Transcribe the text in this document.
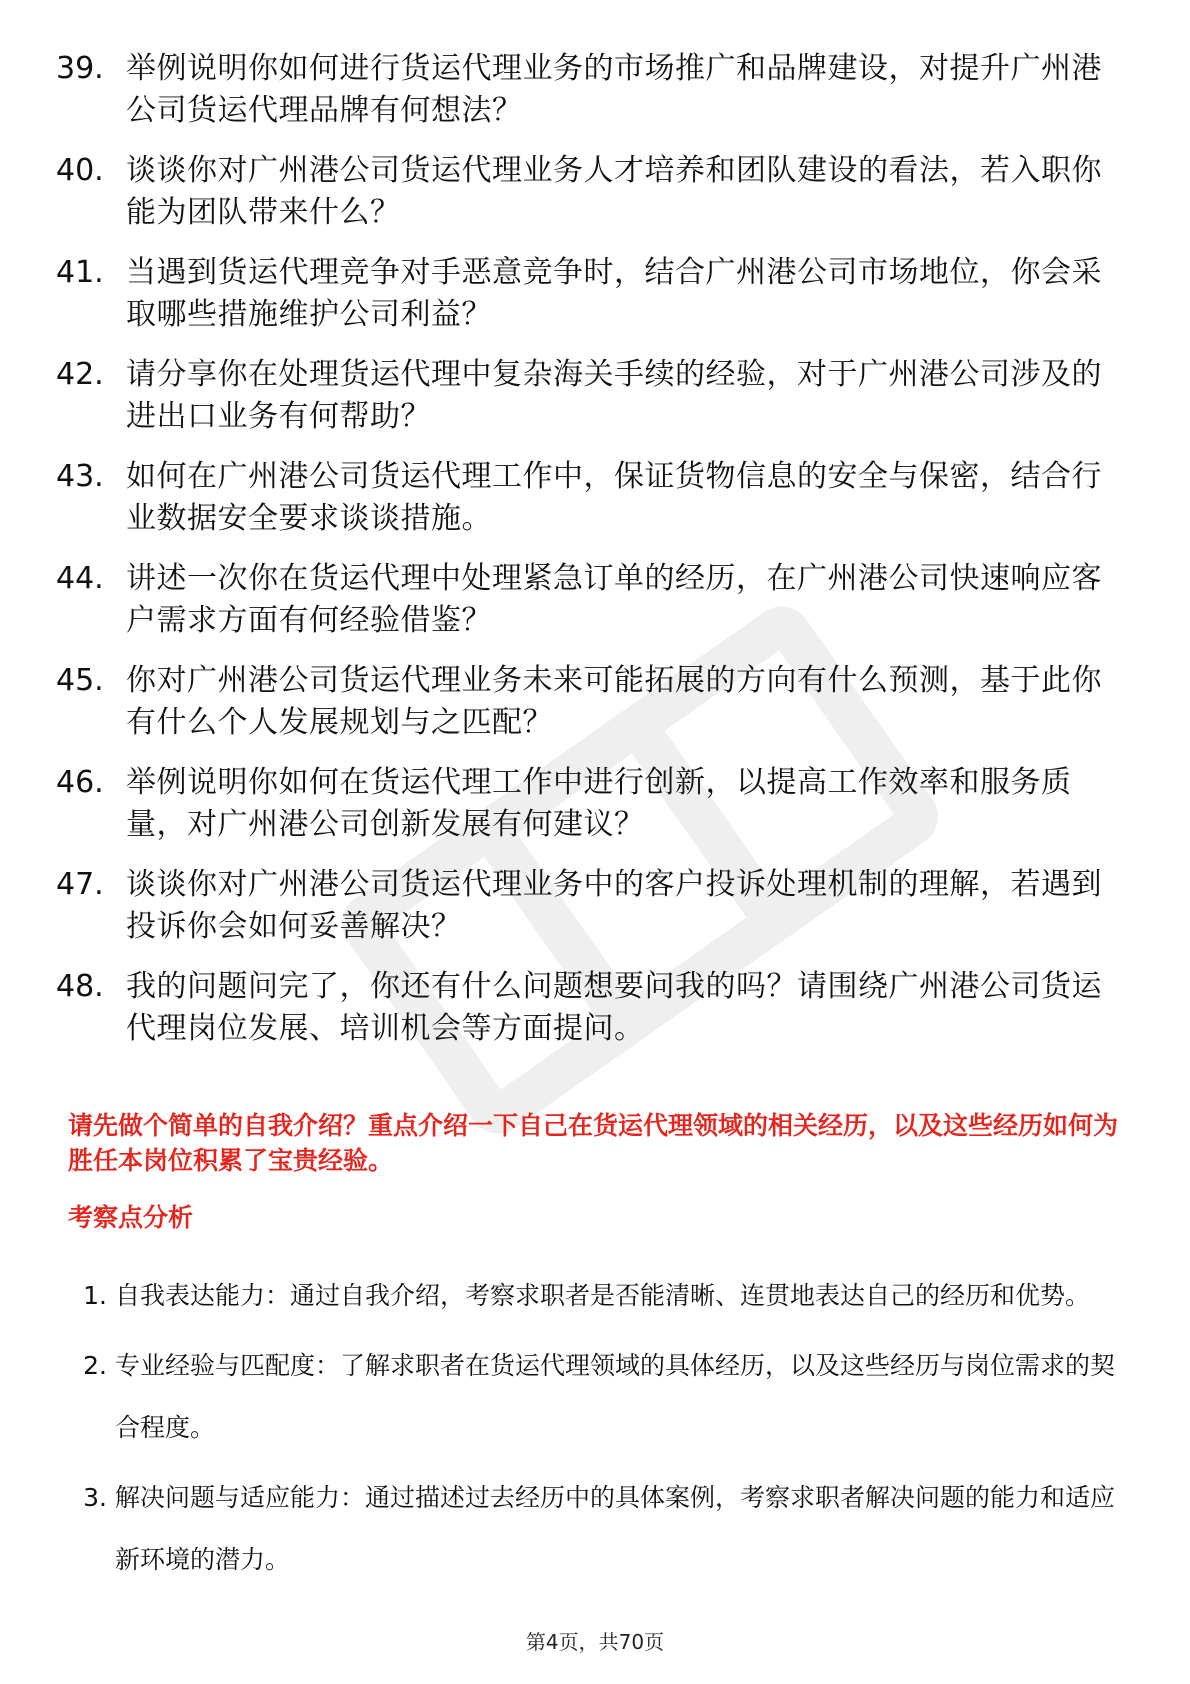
39. 举例说明你如何进行货运代理业务的市场推广和品牌建设，对提升广州港公司货运代理品牌有何想法？
40. 谈谈你对广州港公司货运代理业务人才培养和团队建设的看法，若入职你能为团队带来什么？
41. 当遇到货运代理竞争对手恶意竞争时，结合广州港公司市场地位，你会采取哪些措施维护公司利益？
42. 请分享你在处理货运代理中复杂海关手续的经验，对于广州港公司涉及的进出口业务有何帮助？
43. 如何在广州港公司货运代理工作中，保证货物信息的安全与保密，结合行业数据安全要求谈谈措施。
44. 讲述一次你在货运代理中处理紧急订单的经历，在广州港公司快速响应客户需求方面有何经验借鉴？
45. 你对广州港公司货运代理业务未来可能拓展的方向有什么预测，基于此你有什么个人发展规划与之匹配？
46. 举例说明你如何在货运代理工作中进行创新，以提高工作效率和服务质量，对广州港公司创新发展有何建议？
47. 谈谈你对广州港公司货运代理业务中的客户投诉处理机制的理解，若遇到投诉你会如何妥善解决？
48. 我的问题问完了，你还有什么问题想要问我的吗？请围绕广州港公司货运代理岗位发展、培训机会等方面提问。
请先做个简单的自我介绍？重点介绍一下自己在货运代理领域的相关经历，以及这些经历如何为胜任本岗位积累了宝贵经验。
考察点分析
1. 自我表达能力：通过自我介绍，考察求职者是否能清晰、连贯地表达自己的经历和优势。
2. 专业经验与匹配度：了解求职者在货运代理领域的具体经历，以及这些经历与岗位需求的契合程度。
3. 解决问题与适应能力：通过描述过去经历中的具体案例，考察求职者解决问题的能力和适应新环境的潜力。
第4页，共70页
